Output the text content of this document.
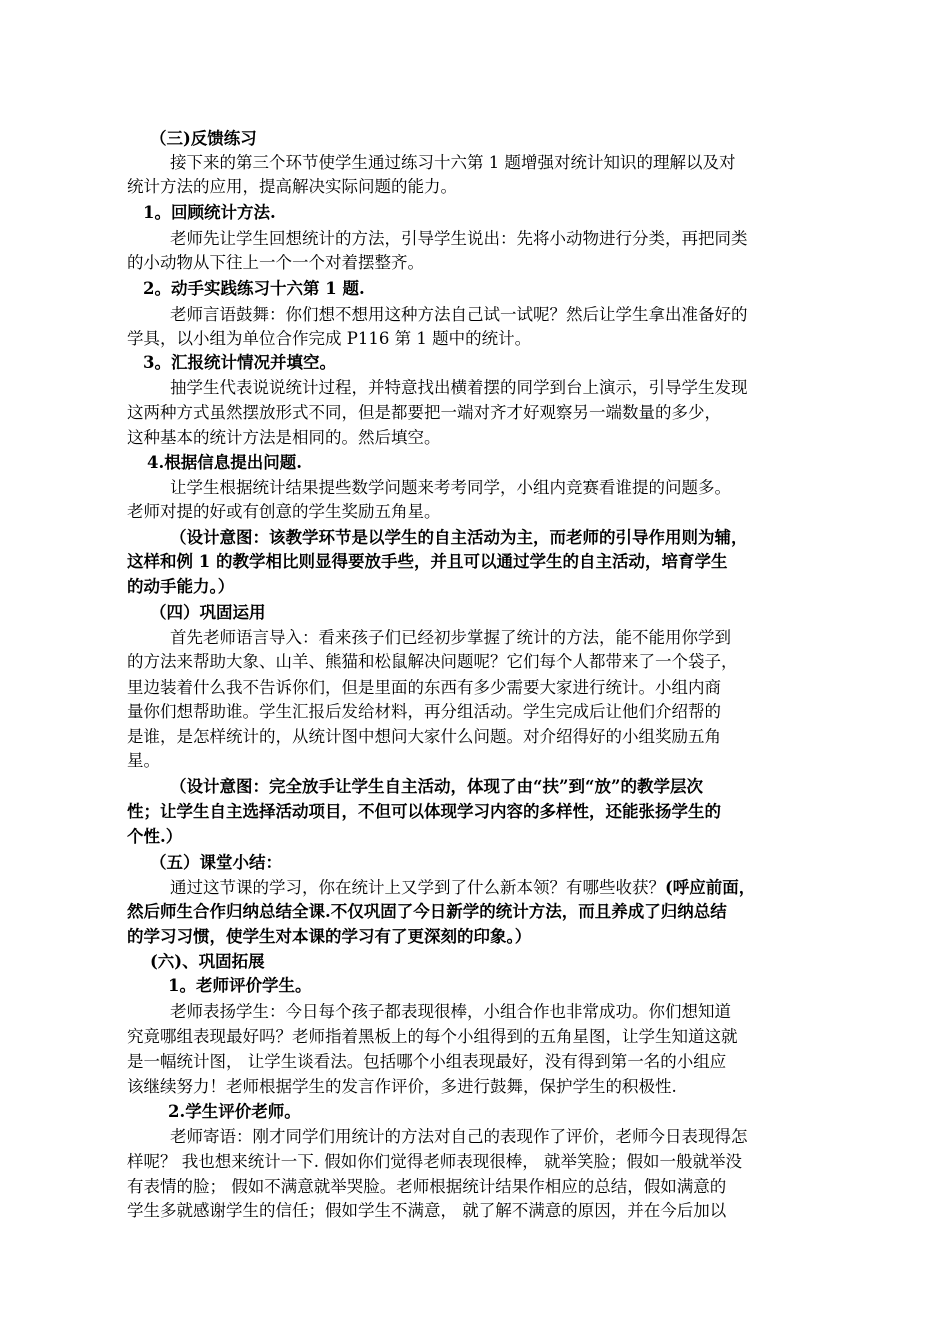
（三)反馈练习
接下来的第三个环节使学生通过练习十六第 1 题增强对统计知识的理解以及对
统计方法的应用，提高解决实际问题的能力。
1。回顾统计方法.
老师先让学生回想统计的方法，引导学生说出：先将小动物进行分类，再把同类
的小动物从下往上一个一个对着摆整齐。
2。动手实践练习十六第 1 题.
老师言语鼓舞：你们想不想用这种方法自己试一试呢？然后让学生拿出准备好的
学具，以小组为单位合作完成 P116 第 1 题中的统计。
3。汇报统计情况并填空。
抽学生代表说说统计过程，并特意找出横着摆的同学到台上演示，引导学生发现
这两种方式虽然摆放形式不同，但是都要把一端对齐才好观察另一端数量的多少，
这种基本的统计方法是相同的。然后填空。
4.根据信息提出问题.
让学生根据统计结果提些数学问题来考考同学，小组内竞赛看谁提的问题多。
老师对提的好或有创意的学生奖励五角星。
（设计意图：该教学环节是以学生的自主活动为主，而老师的引导作用则为辅，
这样和例 1 的教学相比则显得要放手些，并且可以通过学生的自主活动，培育学生
的动手能力。）
（四）巩固运用
首先老师语言导入：看来孩子们已经初步掌握了统计的方法，能不能用你学到
的方法来帮助大象、山羊、熊猫和松鼠解决问题呢？它们每个人都带来了一个袋子，
里边装着什么我不告诉你们，但是里面的东西有多少需要大家进行统计。小组内商
量你们想帮助谁。学生汇报后发给材料，再分组活动。学生完成后让他们介绍帮的
是谁，是怎样统计的，从统计图中想问大家什么问题。对介绍得好的小组奖励五角
星。
（设计意图：完全放手让学生自主活动，体现了由“扶”到“放”的教学层次
性；让学生自主选择活动项目，不但可以体现学习内容的多样性，还能张扬学生的
个性.）
（五）课堂小结：
通过这节课的学习，你在统计上又学到了什么新本领？有哪些收获？(呼应前面，
然后师生合作归纳总结全课.不仅巩固了今日新学的统计方法，而且养成了归纳总结
的学习习惯，使学生对本课的学习有了更深刻的印象。）
(六)、巩固拓展
1。老师评价学生。
老师表扬学生：今日每个孩子都表现很棒，小组合作也非常成功。你们想知道
究竟哪组表现最好吗？老师指着黑板上的每个小组得到的五角星图，让学生知道这就
是一幅统计图， 让学生谈看法。包括哪个小组表现最好，没有得到第一名的小组应
该继续努力！老师根据学生的发言作评价，多进行鼓舞，保护学生的积极性.
2.学生评价老师。
老师寄语：刚才同学们用统计的方法对自己的表现作了评价，老师今日表现得怎
样呢？ 我也想来统计一下. 假如你们觉得老师表现很棒， 就举笑脸；假如一般就举没
有表情的脸； 假如不满意就举哭脸。老师根据统计结果作相应的总结，假如满意的
学生多就感谢学生的信任；假如学生不满意， 就了解不满意的原因，并在今后加以
